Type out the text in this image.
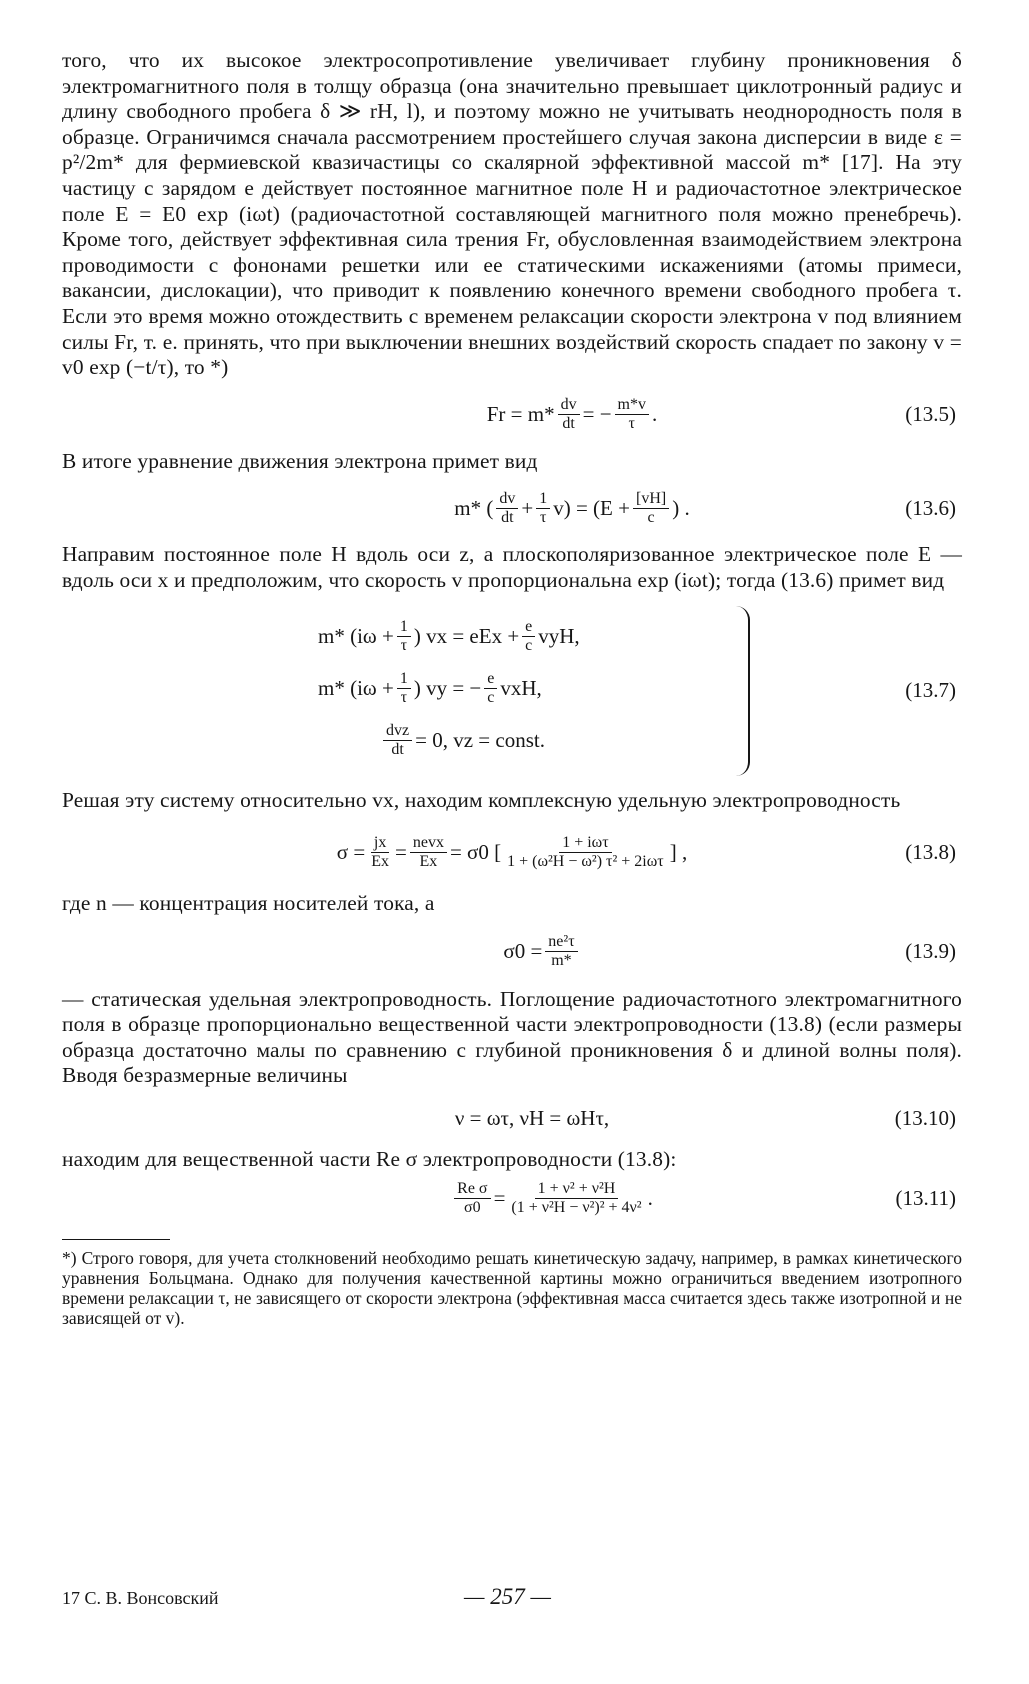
того, что их высокое электросопротивление увеличивает глубину проникновения δ электромагнитного поля в толщу образца (она значительно превышает циклотронный радиус и длину свободного пробега δ ≫ rH, l), и поэтому можно не учитывать неоднородность поля в образце. Ограничимся сначала рассмотрением простейшего случая закона дисперсии в виде ε = p²/2m* для фермиевской квазичастицы со скалярной эффективной массой m* [17]. На эту частицу с зарядом e действует постоянное магнитное поле H и радиочастотное электрическое поле E = E0 exp (iωt) (радиочастотной составляющей магнитного поля можно пренебречь). Кроме того, действует эффективная сила трения Fr, обусловленная взаимодействием электрона проводимости с фононами решетки или ее статическими искажениями (атомы примеси, вакансии, дислокации), что приводит к появлению конечного времени свободного пробега τ. Если это время можно отождествить с временем релаксации скорости электрона v под влиянием силы Fr, т. е. принять, что при выключении внешних воздействий скорость спадает по закону v = v0 exp (−t/τ), то *)

$Fr = m* \frac{dv}{dt}$ = − $\frac{m*v}{\tau}$ .	(13.5)

В итоге уравнение движения электрона примет вид

m* ( $\frac{dv}{dt} + \frac{1}{\tau} v) = (E + \frac{[vH]}{c}$ ) .	(13.6)

Направим постоянное поле H вдоль оси z, а плоскополяризованное электрическое поле E — вдоль оси x и предположим, что скорость v пропорциональна exp (iωt); тогда (13.6) примет вид

m* ($i\omega + \frac{1}{\tau}$ ) vx = eEx + $\frac{e}{c}$ vyH,
m* ($i\omega + \frac{1}{\tau}$ ) vy = − $\frac{e}{c}$ vxH,
$\frac{\text{dvz}}{dt} = 0$, vz = const.
(13.7)

Решая эту систему относительно vx, находим комплексную удельную электропроводность

$\sigma = \frac{jx}{Ex} = \frac{\text{nevx}}{Ex} = \sigma 0$ [ $\frac{\text{1 + iωτ}}{\text{1 + (ω²H − ω²) τ² + 2iωτ}}$ ] ,	(13.8)

где n — концентрация носителей тока, а

$\sigma 0 = \frac{\text{ne²τ}}{m*}$	(13.9)

— статическая удельная электропроводность. Поглощение радиочастотного электромагнитного поля в образце пропорционально вещественной части электропроводности (13.8) (если размеры образца достаточно малы по сравнению с глубиной проникновения δ и длиной волны поля). Вводя безразмерные величины

ν = ωτ, νH = ωHτ,	(13.10)

находим для вещественной части Re σ электропроводности (13.8):

$\frac{\text{Re σ}}{\sigma 0} = \frac{\text{1 + ν² + ν²H}}{\text{(1 + ν²H − ν²)² + 4ν²}}$ .	(13.11)

*) Строго говоря, для учета столкновений необходимо решать кинетическую задачу, например, в рамках кинетического уравнения Больцмана. Однако для получения качественной картины можно ограничиться введением изотропного времени релаксации τ, не зависящего от скорости электрона (эффективная масса считается здесь также изотропной и не зависящей от v).

17 С. В. Вонсовский	— 257 —
